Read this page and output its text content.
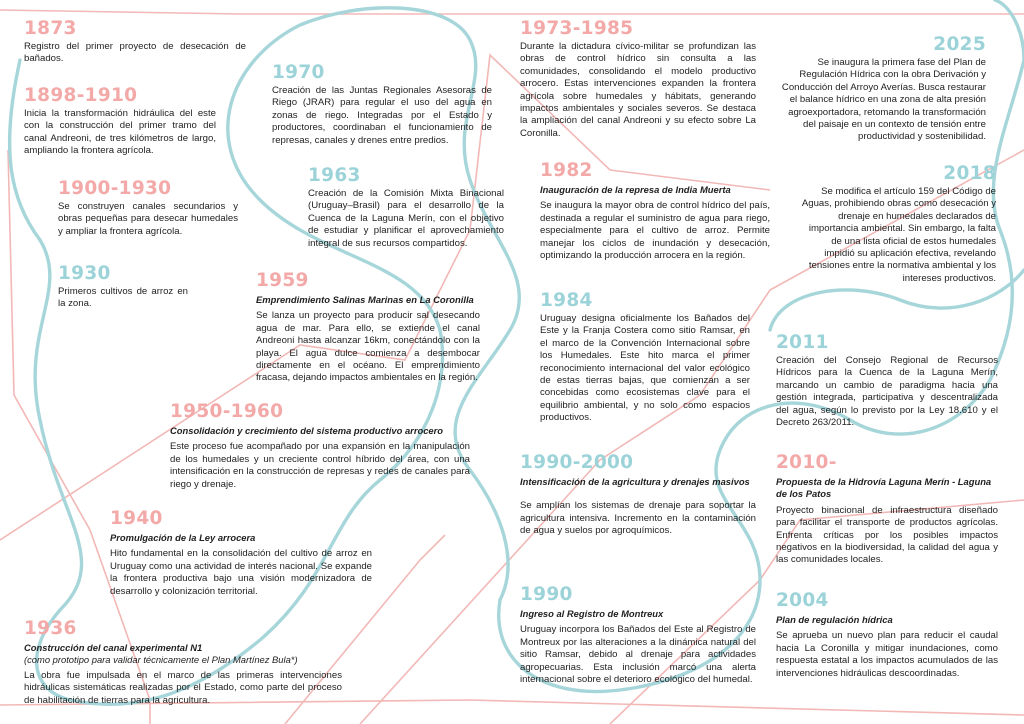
1873
Registro del primer proyecto de desecación de bañados.
1898-1910
Inicia la transformación hidráulica del este con la construcción del primer tramo del canal Andreoni, de tres kilómetros de largo, ampliando la frontera agrícola.
1900-1930
Se construyen canales secundarios y obras pequeñas para desecar humedales y ampliar la frontera agrícola.
1930
Primeros cultivos de arroz en la zona.
1950-1960
Consolidación y crecimiento del sistema productivo arrocero
Este proceso fue acompañado por una expansión en la manipulación de los humedales y un creciente control híbrido del área, con una intensificación en la construcción de represas y redes de canales para riego y drenaje.
1940
Promulgación de la Ley arrocera
Hito fundamental en la consolidación del cultivo de arroz en Uruguay como una actividad de interés nacional. Se expande la frontera productiva bajo una visión modernizadora de desarrollo y colonización territorial.
1936
Construcción del canal experimental N1
(como prototipo para validar técnicamente el Plan Martínez Bula*)
La obra fue impulsada en el marco de las primeras intervenciones hidráulicas sistemáticas realizadas por el Estado, como parte del proceso de habilitación de tierras para la agricultura.
1970
Creación de las Juntas Regionales Asesoras de Riego (JRAR) para regular el uso del agua en zonas de riego. Integradas por el Estado y productores, coordinaban el funcionamiento de represas, canales y drenes entre predios.
1963
Creación de la Comisión Mixta Binacional (Uruguay–Brasil) para el desarrollo de la Cuenca de la Laguna Merín, con el objetivo de estudiar y planificar el aprovechamiento integral de sus recursos compartidos.
1959
Emprendimiento Salinas Marinas en La Coronilla
Se lanza un proyecto para producir sal desecando agua de mar. Para ello, se extiende el canal Andreoni hasta alcanzar 16km, conectándolo con la playa. El agua dulce comienza a desembocar directamente en el océano. El emprendimiento fracasa, dejando impactos ambientales en la región.
1973-1985
Durante la dictadura cívico-militar se profundizan las obras de control hídrico sin consulta a las comunidades, consolidando el modelo productivo arrocero. Estas intervenciones expanden la frontera agrícola sobre humedales y hábitats, generando impactos ambientales y sociales severos. Se destaca la ampliación del canal Andreoni y su efecto sobre La Coronilla.
1982
Inauguración de la represa de India Muerta
Se inaugura la mayor obra de control hídrico del país, destinada a regular el suministro de agua para riego, especialmente para el cultivo de arroz. Permite manejar los ciclos de inundación y desecación, optimizando la producción arrocera en la región.
1984
Uruguay designa oficialmente los Bañados del Este y la Franja Costera como sitio Ramsar, en el marco de la Convención Internacional sobre los Humedales. Este hito marca el primer reconocimiento internacional del valor ecológico de estas tierras bajas, que comienzan a ser concebidas como ecosistemas clave para el equilibrio ambiental, y no solo como espacios productivos.
1990-2000
Intensificación de la agricultura y drenajes masivos
Se amplían los sistemas de drenaje para soportar la agricultura intensiva. Incremento en la contaminación de agua y suelos por agroquímicos.
1990
Ingreso al Registro de Montreux
Uruguay incorpora los Bañados del Este al Registro de Montreux por las alteraciones a la dinámica natural del sitio Ramsar, debido al drenaje para actividades agropecuarias. Esta inclusión marcó una alerta internacional sobre el deterioro ecológico del humedal.
2025
Se inaugura la primera fase del Plan de Regulación Hídrica con la obra Derivación y Conducción del Arroyo Averías. Busca restaurar el balance hídrico en una zona de alta presión agroexportadora, retomando la transformación del paisaje en un contexto de tensión entre productividad y sostenibilidad.
2018
Se modifica el artículo 159 del Código de Aguas, prohibiendo obras como desecación y drenaje en humedales declarados de importancia ambiental. Sin embargo, la falta de una lista oficial de estos humedales impidió su aplicación efectiva, revelando tensiones entre la normativa ambiental y los intereses productivos.
2011
Creación del Consejo Regional de Recursos Hídricos para la Cuenca de la Laguna Merín, marcando un cambio de paradigma hacia una gestión integrada, participativa y descentralizada del agua, según lo previsto por la Ley 18.610 y el Decreto 263/2011.
2010-
Propuesta de la Hidrovía Laguna Merín - Laguna de los Patos
Proyecto binacional de infraestructura diseñado para facilitar el transporte de productos agrícolas. Enfrenta críticas por los posibles impactos negativos en la biodiversidad, la calidad del agua y las comunidades locales.
2004
Plan de regulación hídrica
Se aprueba un nuevo plan para reducir el caudal hacia La Coronilla y mitigar inundaciones, como respuesta estatal a los impactos acumulados de las intervenciones hidráulicas descoordinadas.
